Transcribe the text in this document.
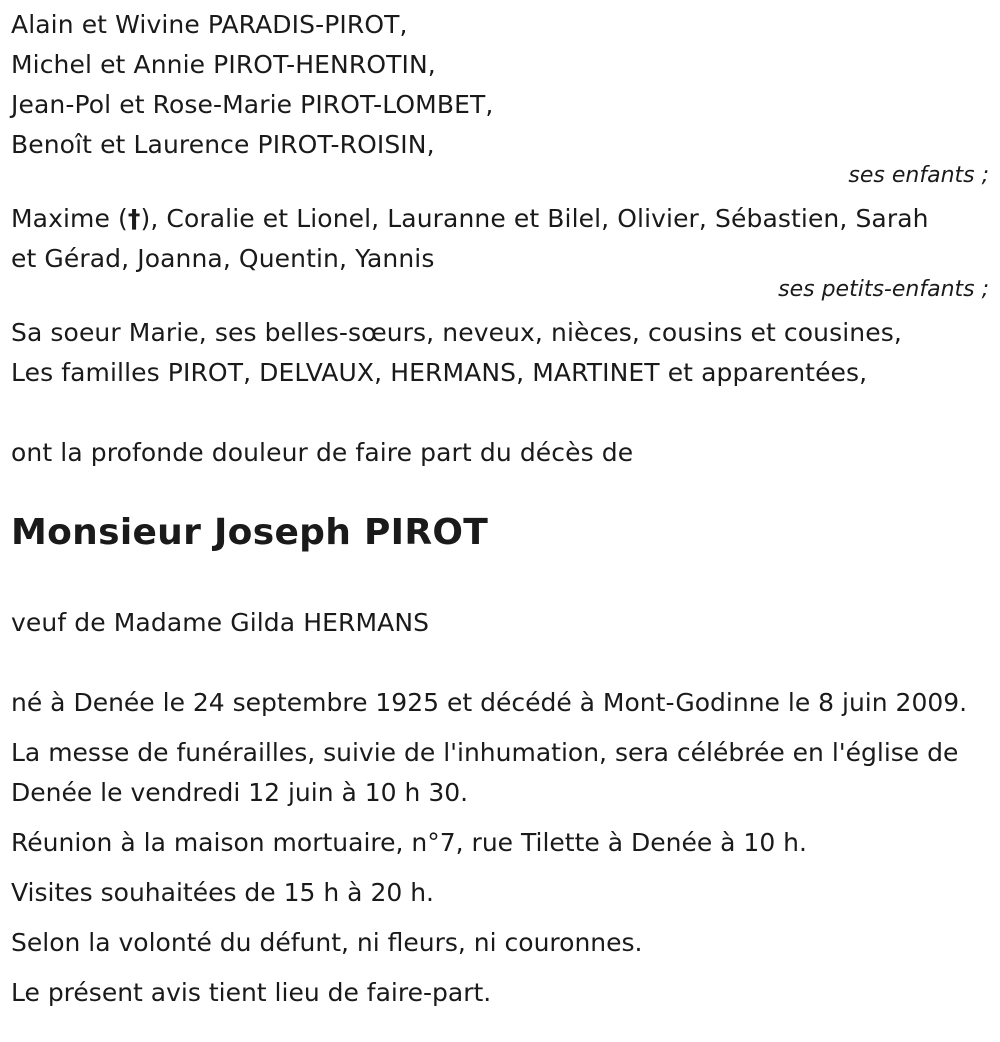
Alain et Wivine PARADIS-PIROT,
Michel et Annie PIROT-HENROTIN,
Jean-Pol et Rose-Marie PIROT-LOMBET,
Benoît et Laurence PIROT-ROISIN,
ses enfants ;
Maxime (†), Coralie et Lionel, Lauranne et Bilel, Olivier, Sébastien, Sarah
et Gérad, Joanna, Quentin, Yannis
ses petits-enfants ;
Sa soeur Marie, ses belles-sœurs, neveux, nièces, cousins et cousines,
Les familles PIROT, DELVAUX, HERMANS, MARTINET et apparentées,
ont la profonde douleur de faire part du décès de
Monsieur Joseph PIROT
veuf de Madame Gilda HERMANS
né à Denée le 24 septembre 1925 et décédé à Mont-Godinne le 8 juin 2009.
La messe de funérailles, suivie de l'inhumation, sera célébrée en l'église de Denée le vendredi 12 juin à 10 h 30.
Réunion à la maison mortuaire, n°7, rue Tilette à Denée à 10 h.
Visites souhaitées de 15 h à 20 h.
Selon la volonté du défunt, ni fleurs, ni couronnes.
Le présent avis tient lieu de faire-part.
